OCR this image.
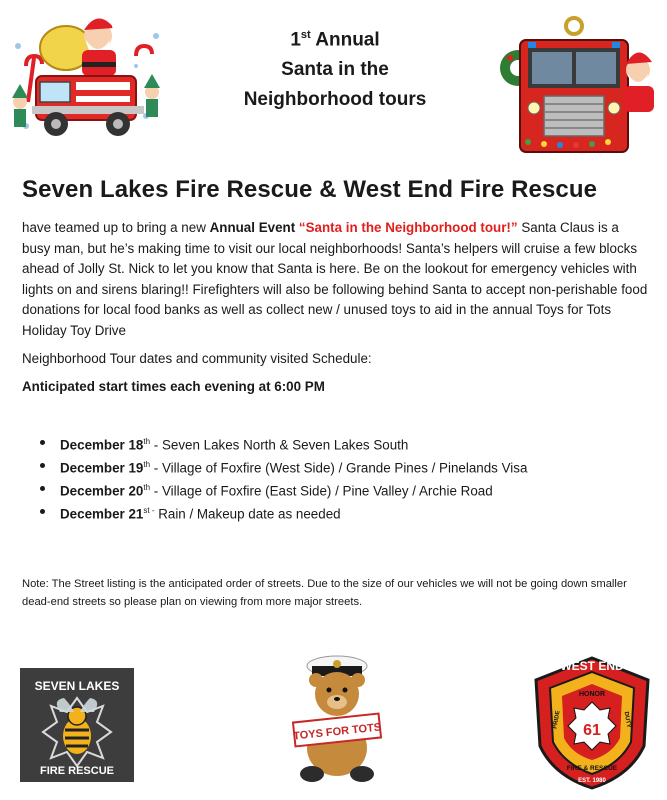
1st Annual
Santa in the
Neighborhood tours
Seven Lakes Fire Rescue & West End Fire Rescue
have teamed up to bring a new Annual Event “Santa in the Neighborhood tour!” Santa Claus is a busy man, but he’s making time to visit our local neighborhoods! Santa’s helpers will cruise a few blocks ahead of Jolly St. Nick to let you know that Santa is here. Be on the lookout for emergency vehicles with lights on and sirens blaring!! Firefighters will also be following behind Santa to accept non-perishable food donations for local food banks as well as collect new / unused toys to aid in the annual Toys for Tots Holiday Toy Drive
Neighborhood Tour dates and community visited Schedule:
Anticipated start times each evening at 6:00 PM
December 18th - Seven Lakes North & Seven Lakes South
December 19th - Village of Foxfire (West Side) / Grande Pines / Pinelands Visa
December 20th - Village of Foxfire (East Side) / Pine Valley / Archie Road
December $21^{st -}$ Rain / Makeup date as needed
Note: The Street listing is the anticipated order of streets. Due to the size of our vehicles we will not be going down smaller dead-end streets so please plan on viewing from more major streets.
SEVEN LAKES
FIRE RESCUE
TOYS FOR TOTS
WEST END
HONOR
PRIDE	DUTY
61
FIRE & RESCUE
EST. 1980
